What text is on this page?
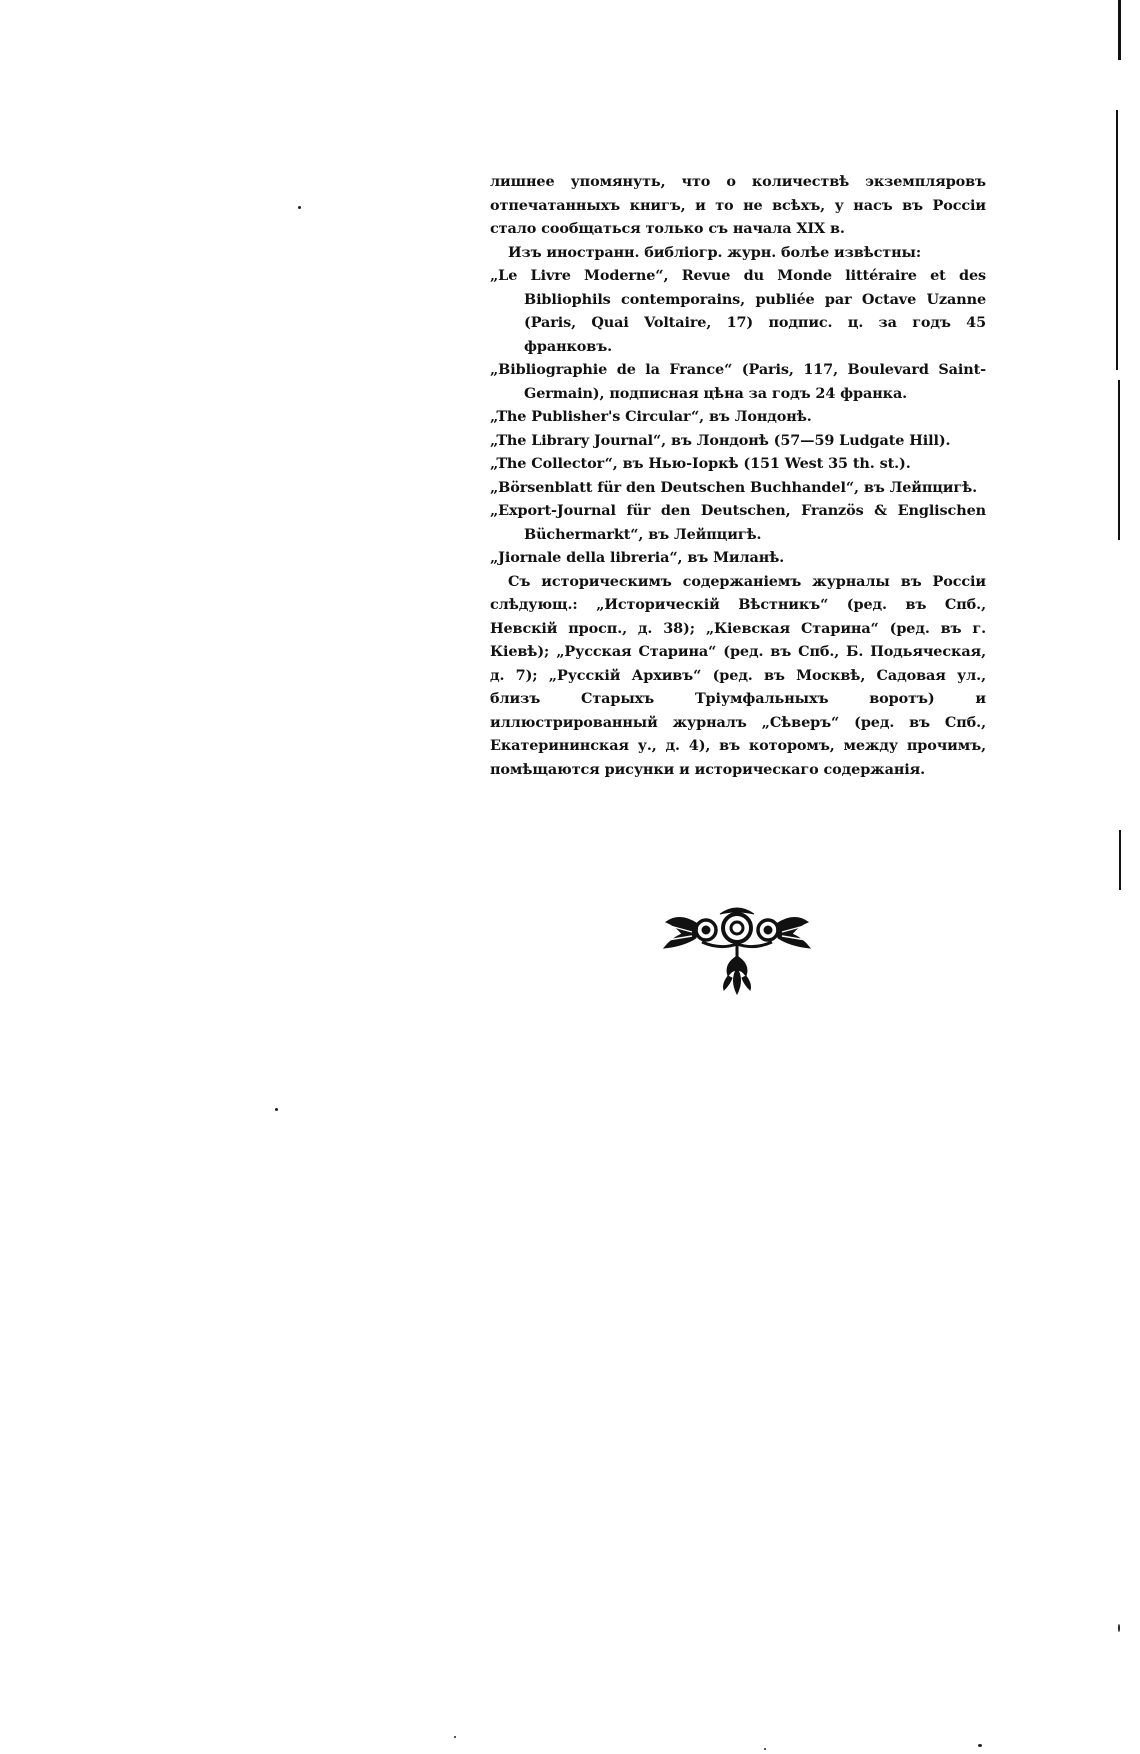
лишнее упомянуть, что о количествѣ экземпляровъ отпечатанныхъ книгъ, и то не всѣхъ, у насъ въ Россіи стало сообщаться только съ начала XIX в.

Изъ иностранн. библіогр. журн. болѣе извѣстны:

„Le Livre Moderne“, Revue du Monde littéraire et des Bibliophils contemporains, publiée par Octave Uzanne (Paris, Quai Voltaire, 17) подпис. ц. за годъ 45 франковъ.

„Bibliographie de la France“ (Paris, 117, Boulevard Saint-Germain), подписная цѣна за годъ 24 франка.

„The Publisher's Circular“, въ Лондонѣ.

„The Library Journal“, въ Лондонѣ (57—59 Ludgate Hill).

„The Collector“, въ Нью-Іоркѣ (151 West 35 th. st.).

„Börsenblatt für den Deutschen Buchhandel“, въ Лейпцигѣ.

„Export-Journal für den Deutschen, Französ & Englischen Büchermarkt“, въ Лейпцигѣ.

„Jiornale della libreria“, въ Миланѣ.

Съ историческимъ содержаніемъ журналы въ Россіи слѣдующ.: „Историческій Вѣстникъ“ (ред. въ Спб., Невскій просп., д. 38); „Кіевская Старина“ (ред. въ г. Кіевѣ); „Русская Старина“ (ред. въ Спб., Б. Подьяческая, д. 7); „Русскій Архивъ“ (ред. въ Москвѣ, Садовая ул., близъ Старыхъ Тріумфальныхъ воротъ) и иллюстрированный журналъ „Сѣверъ“ (ред. въ Спб., Екатерининская у., д. 4), въ которомъ, между прочимъ, помѣщаются рисунки и историческаго содержанія.
